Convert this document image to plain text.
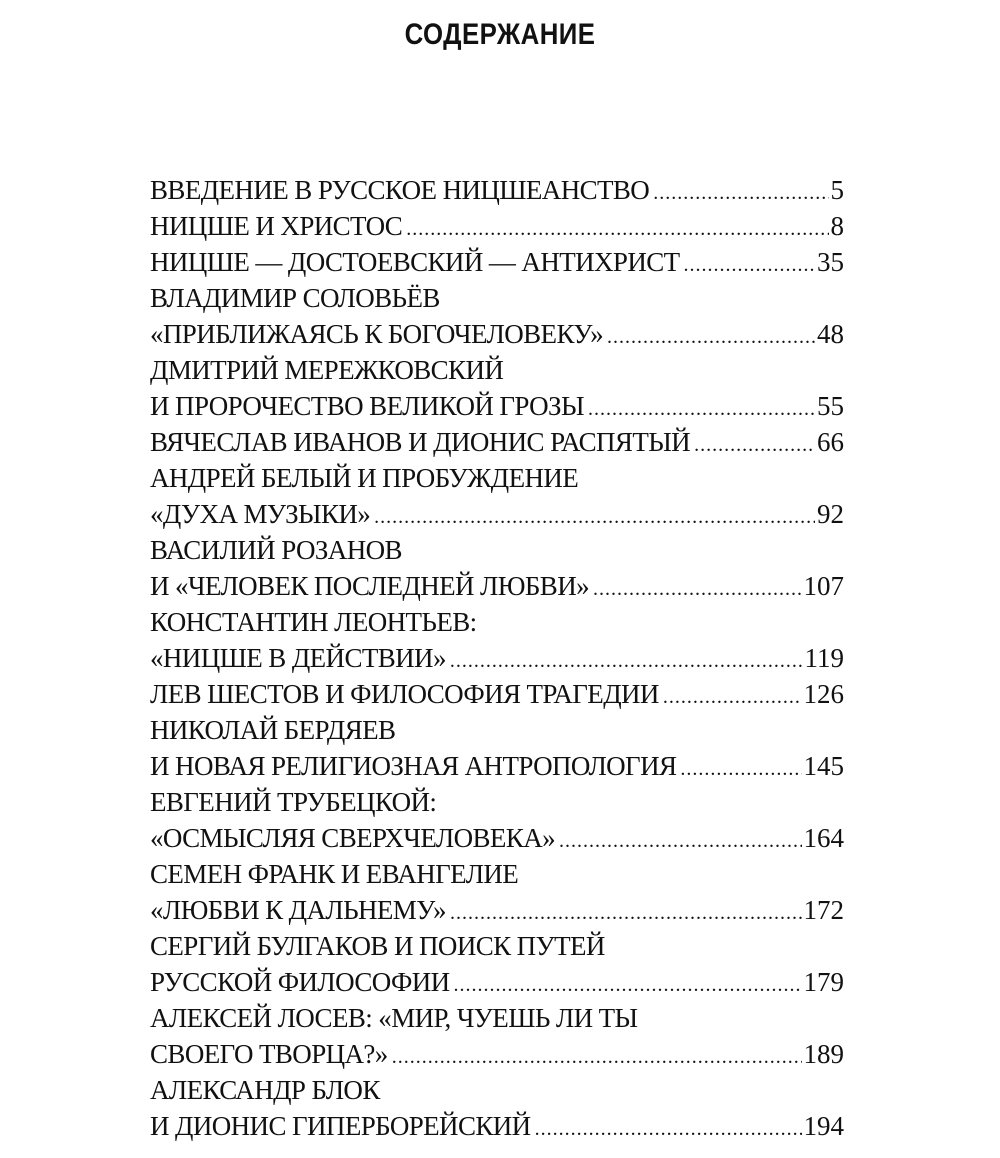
СОДЕРЖАНИЕ
ВВЕДЕНИЕ В РУССКОЕ НИЦШЕАНСТВО .....	5
НИЦШЕ И ХРИСТОС .....	8
НИЦШЕ — ДОСТОЕВСКИЙ — АНТИХРИСТ .....	35
ВЛАДИМИР СОЛОВЬЁВ
«ПРИБЛИЖАЯСЬ К БОГОЧЕЛОВЕКУ» .....	48
ДМИТРИЙ МЕРЕЖКОВСКИЙ
И ПРОРОЧЕСТВО ВЕЛИКОЙ ГРОЗЫ .....	55
ВЯЧЕСЛАВ ИВАНОВ И ДИОНИС РАСПЯТЫЙ .....	66
АНДРЕЙ БЕЛЫЙ И ПРОБУЖДЕНИЕ
«ДУХА МУЗЫКИ» .....	92
ВАСИЛИЙ РОЗАНОВ
И «ЧЕЛОВЕК ПОСЛЕДНЕЙ ЛЮБВИ» .....	107
КОНСТАНТИН ЛЕОНТЬЕВ:
«НИЦШЕ В ДЕЙСТВИИ» .....	119
ЛЕВ ШЕСТОВ И ФИЛОСОФИЯ ТРАГЕДИИ .....	126
НИКОЛАЙ БЕРДЯЕВ
И НОВАЯ РЕЛИГИОЗНАЯ АНТРОПОЛОГИЯ .....	145
ЕВГЕНИЙ ТРУБЕЦКОЙ:
«ОСМЫСЛЯЯ СВЕРХЧЕЛОВЕКА» .....	164
СЕМЕН ФРАНК И ЕВАНГЕЛИЕ
«ЛЮБВИ К ДАЛЬНЕМУ» .....	172
СЕРГИЙ БУЛГАКОВ И ПОИСК ПУТЕЙ
РУССКОЙ ФИЛОСОФИИ .....	179
АЛЕКСЕЙ ЛОСЕВ: «МИР, ЧУЕШЬ ЛИ ТЫ
СВОЕГО ТВОРЦА?» .....	189
АЛЕКСАНДР БЛОК
И ДИОНИС ГИПЕРБОРЕЙСКИЙ .....	194
